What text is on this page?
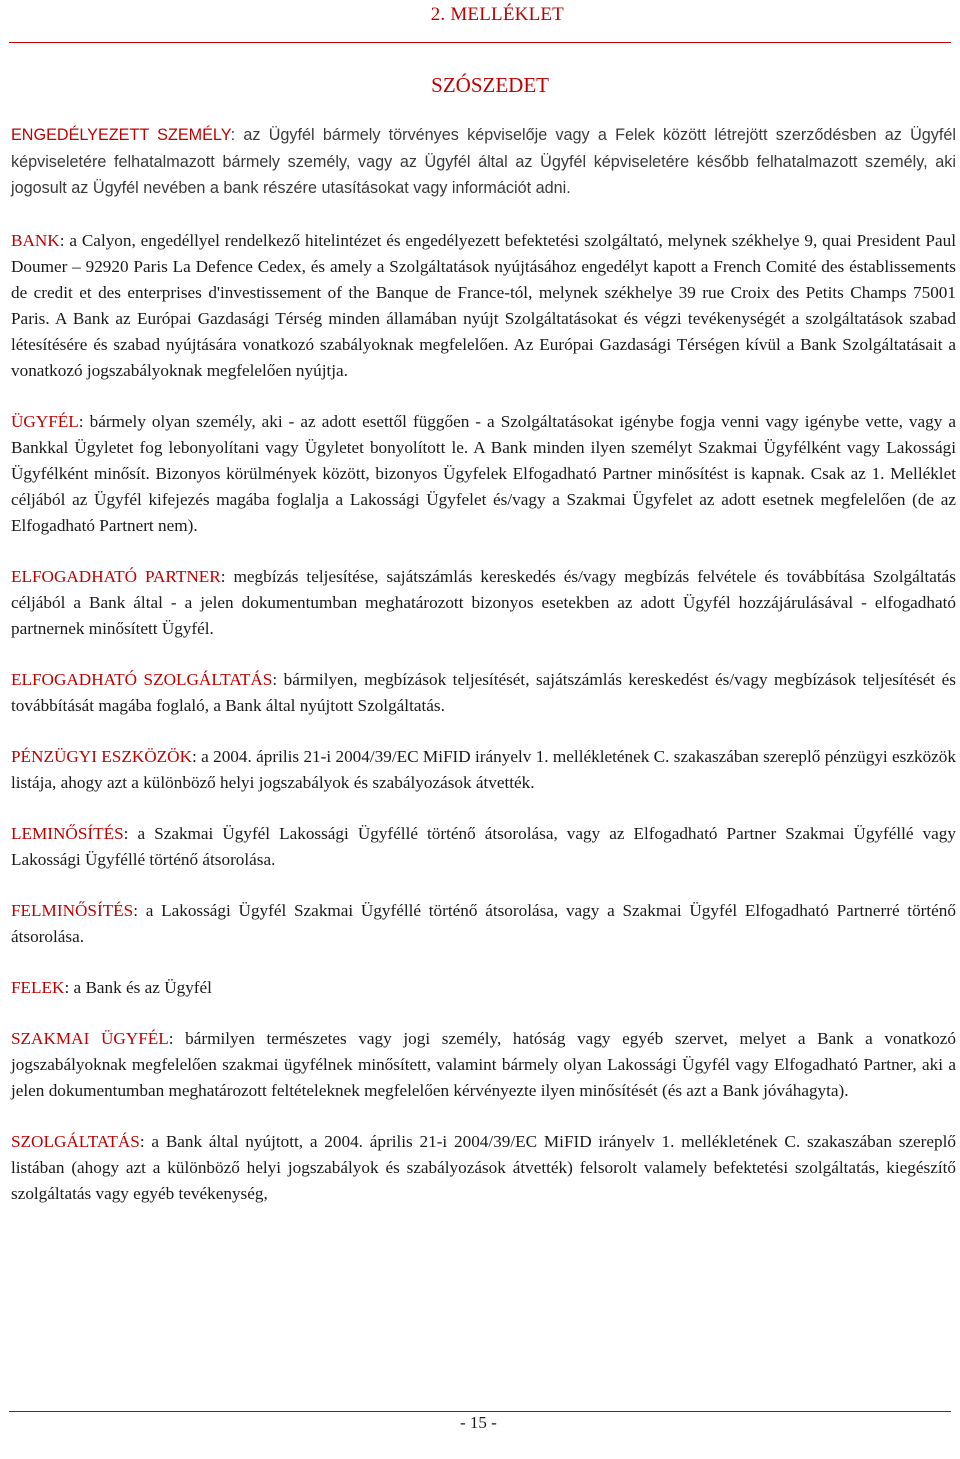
2. MELLÉKLET
SZÓSZEDET

ENGEDÉLYEZETT SZEMÉLY: az Ügyfél bármely törvényes képviselője vagy a Felek között létrejött szerződésben az Ügyfél képviseletére felhatalmazott bármely személy, vagy az Ügyfél által az Ügyfél képviseletére később felhatalmazott személy, aki jogosult az Ügyfél nevében a bank részére utasításokat vagy információt adni.

BANK: a Calyon, engedéllyel rendelkező hitelintézet és engedélyezett befektetési szolgáltató, melynek székhelye 9, quai President Paul Doumer – 92920 Paris La Defence Cedex, és amely a Szolgáltatások nyújtásához engedélyt kapott a French Comité des éstablissements de credit et des enterprises d'investissement of the Banque de France-tól, melynek székhelye 39 rue Croix des Petits Champs 75001 Paris. A Bank az Európai Gazdasági Térség minden államában nyújt Szolgáltatásokat és végzi tevékenységét a szolgáltatások szabad létesítésére és szabad nyújtására vonatkozó szabályoknak megfelelően. Az Európai Gazdasági Térségen kívül a Bank Szolgáltatásait a vonatkozó jogszabályoknak megfelelően nyújtja.

ÜGYFÉL: bármely olyan személy, aki - az adott esettől függően - a Szolgáltatásokat igénybe fogja venni vagy igénybe vette, vagy a Bankkal Ügyletet fog lebonyolítani vagy Ügyletet bonyolított le. A Bank minden ilyen személyt Szakmai Ügyfélként vagy Lakossági Ügyfélként minősít. Bizonyos körülmények között, bizonyos Ügyfelek Elfogadható Partner minősítést is kapnak. Csak az 1. Melléklet céljából az Ügyfél kifejezés magába foglalja a Lakossági Ügyfelet és/vagy a Szakmai Ügyfelet az adott esetnek megfelelően (de az Elfogadható Partnert nem).

ELFOGADHATÓ PARTNER: megbízás teljesítése, sajátszámlás kereskedés és/vagy megbízás felvétele és továbbítása Szolgáltatás céljából a Bank által - a jelen dokumentumban meghatározott bizonyos esetekben az adott Ügyfél hozzájárulásával - elfogadható partnernek minősített Ügyfél.

ELFOGADHATÓ SZOLGÁLTATÁS: bármilyen, megbízások teljesítését, sajátszámlás kereskedést és/vagy megbízások teljesítését és továbbítását magába foglaló, a Bank által nyújtott Szolgáltatás.

PÉNZÜGYI ESZKÖZÖK: a 2004. április 21-i 2004/39/EC MiFID irányelv 1. mellékletének C. szakaszában szereplő pénzügyi eszközök listája, ahogy azt a különböző helyi jogszabályok és szabályozások átvették.

LEMINŐSÍTÉS: a Szakmai Ügyfél Lakossági Ügyféllé történő átsorolása, vagy az Elfogadható Partner Szakmai Ügyféllé vagy Lakossági Ügyféllé történő átsorolása.

FELMINŐSÍTÉS: a Lakossági Ügyfél Szakmai Ügyféllé történő átsorolása, vagy a Szakmai Ügyfél Elfogadható Partnerré történő átsorolása.

FELEK: a Bank és az Ügyfél

SZAKMAI ÜGYFÉL: bármilyen természetes vagy jogi személy, hatóság vagy egyéb szervet, melyet a Bank a vonatkozó jogszabályoknak megfelelően szakmai ügyfélnek minősített, valamint bármely olyan Lakossági Ügyfél vagy Elfogadható Partner, aki a jelen dokumentumban meghatározott feltételeknek megfelelően kérvényezte ilyen minősítését (és azt a Bank jóváhagyta).

SZOLGÁLTATÁS: a Bank által nyújtott, a 2004. április 21-i 2004/39/EC MiFID irányelv 1. mellékletének C. szakaszában szereplő listában (ahogy azt a különböző helyi jogszabályok és szabályozások átvették) felsorolt valamely befektetési szolgáltatás, kiegészítő szolgáltatás vagy egyéb tevékenység,

- 15 -
